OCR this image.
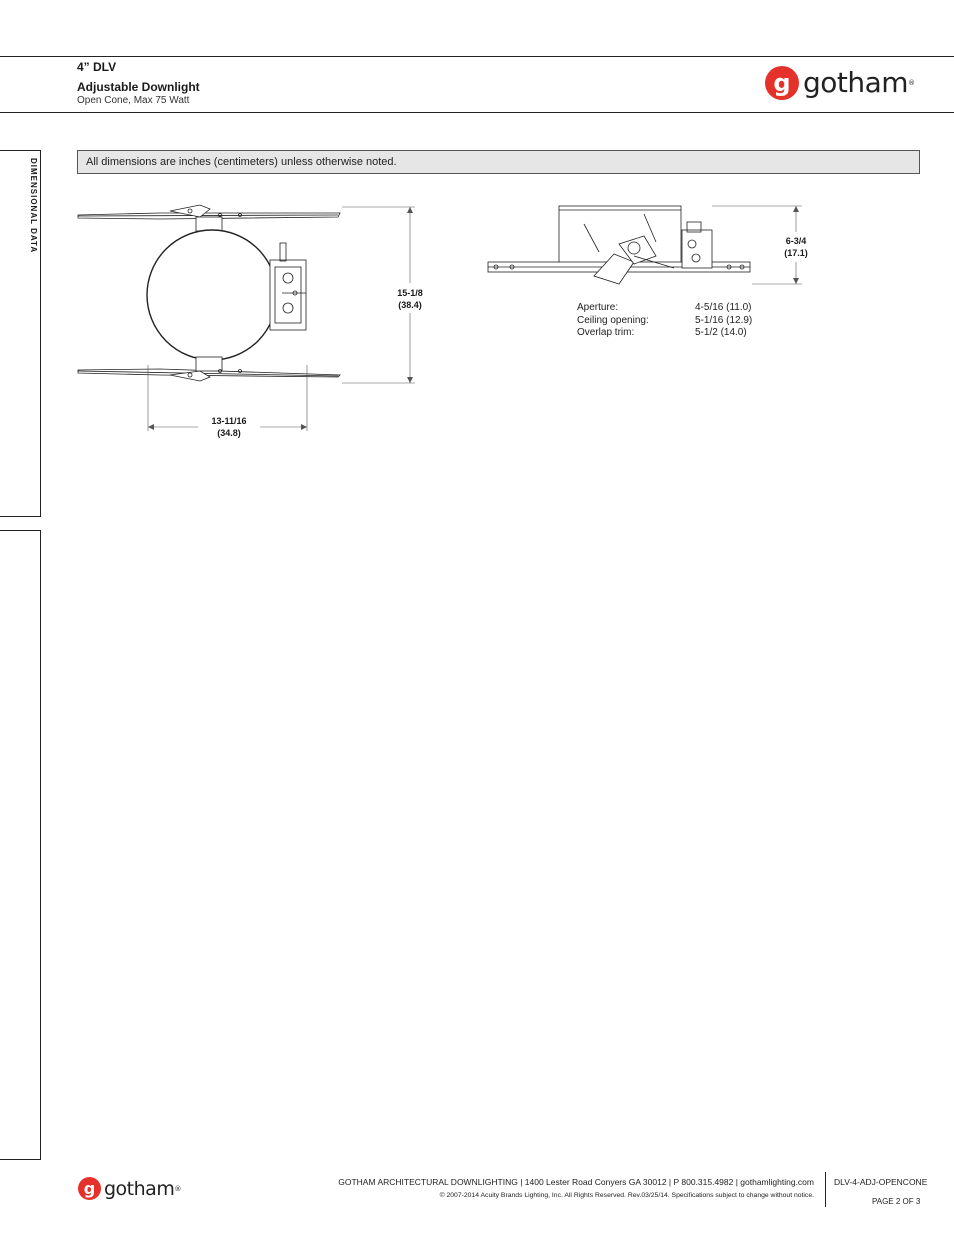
4” DLV
Adjustable Downlight
Open Cone, Max 75 Watt
g gotham®
DIMENSIONAL DATA	All dimensions are inches (centimeters) unless otherwise noted.
15-1/8
(38.4)
13-11/16
(34.8)
6-3/4
(17.1)
Aperture:
Ceiling opening:
Overlap trim:
4-5/16 (11.0)
5-1/16 (12.9)
5-1/2 (14.0)
g gotham®
GOTHAM ARCHITECTURAL DOWNLIGHTING | 1400 Lester Road Conyers GA 30012 | P 800.315.4982 | gothamlighting.com
© 2007-2014 Acuity Brands Lighting, Inc. All Rights Reserved. Rev.03/25/14. Specifications subject to change without notice.
DLV-4-ADJ-OPENCONE
PAGE 2 OF 3
